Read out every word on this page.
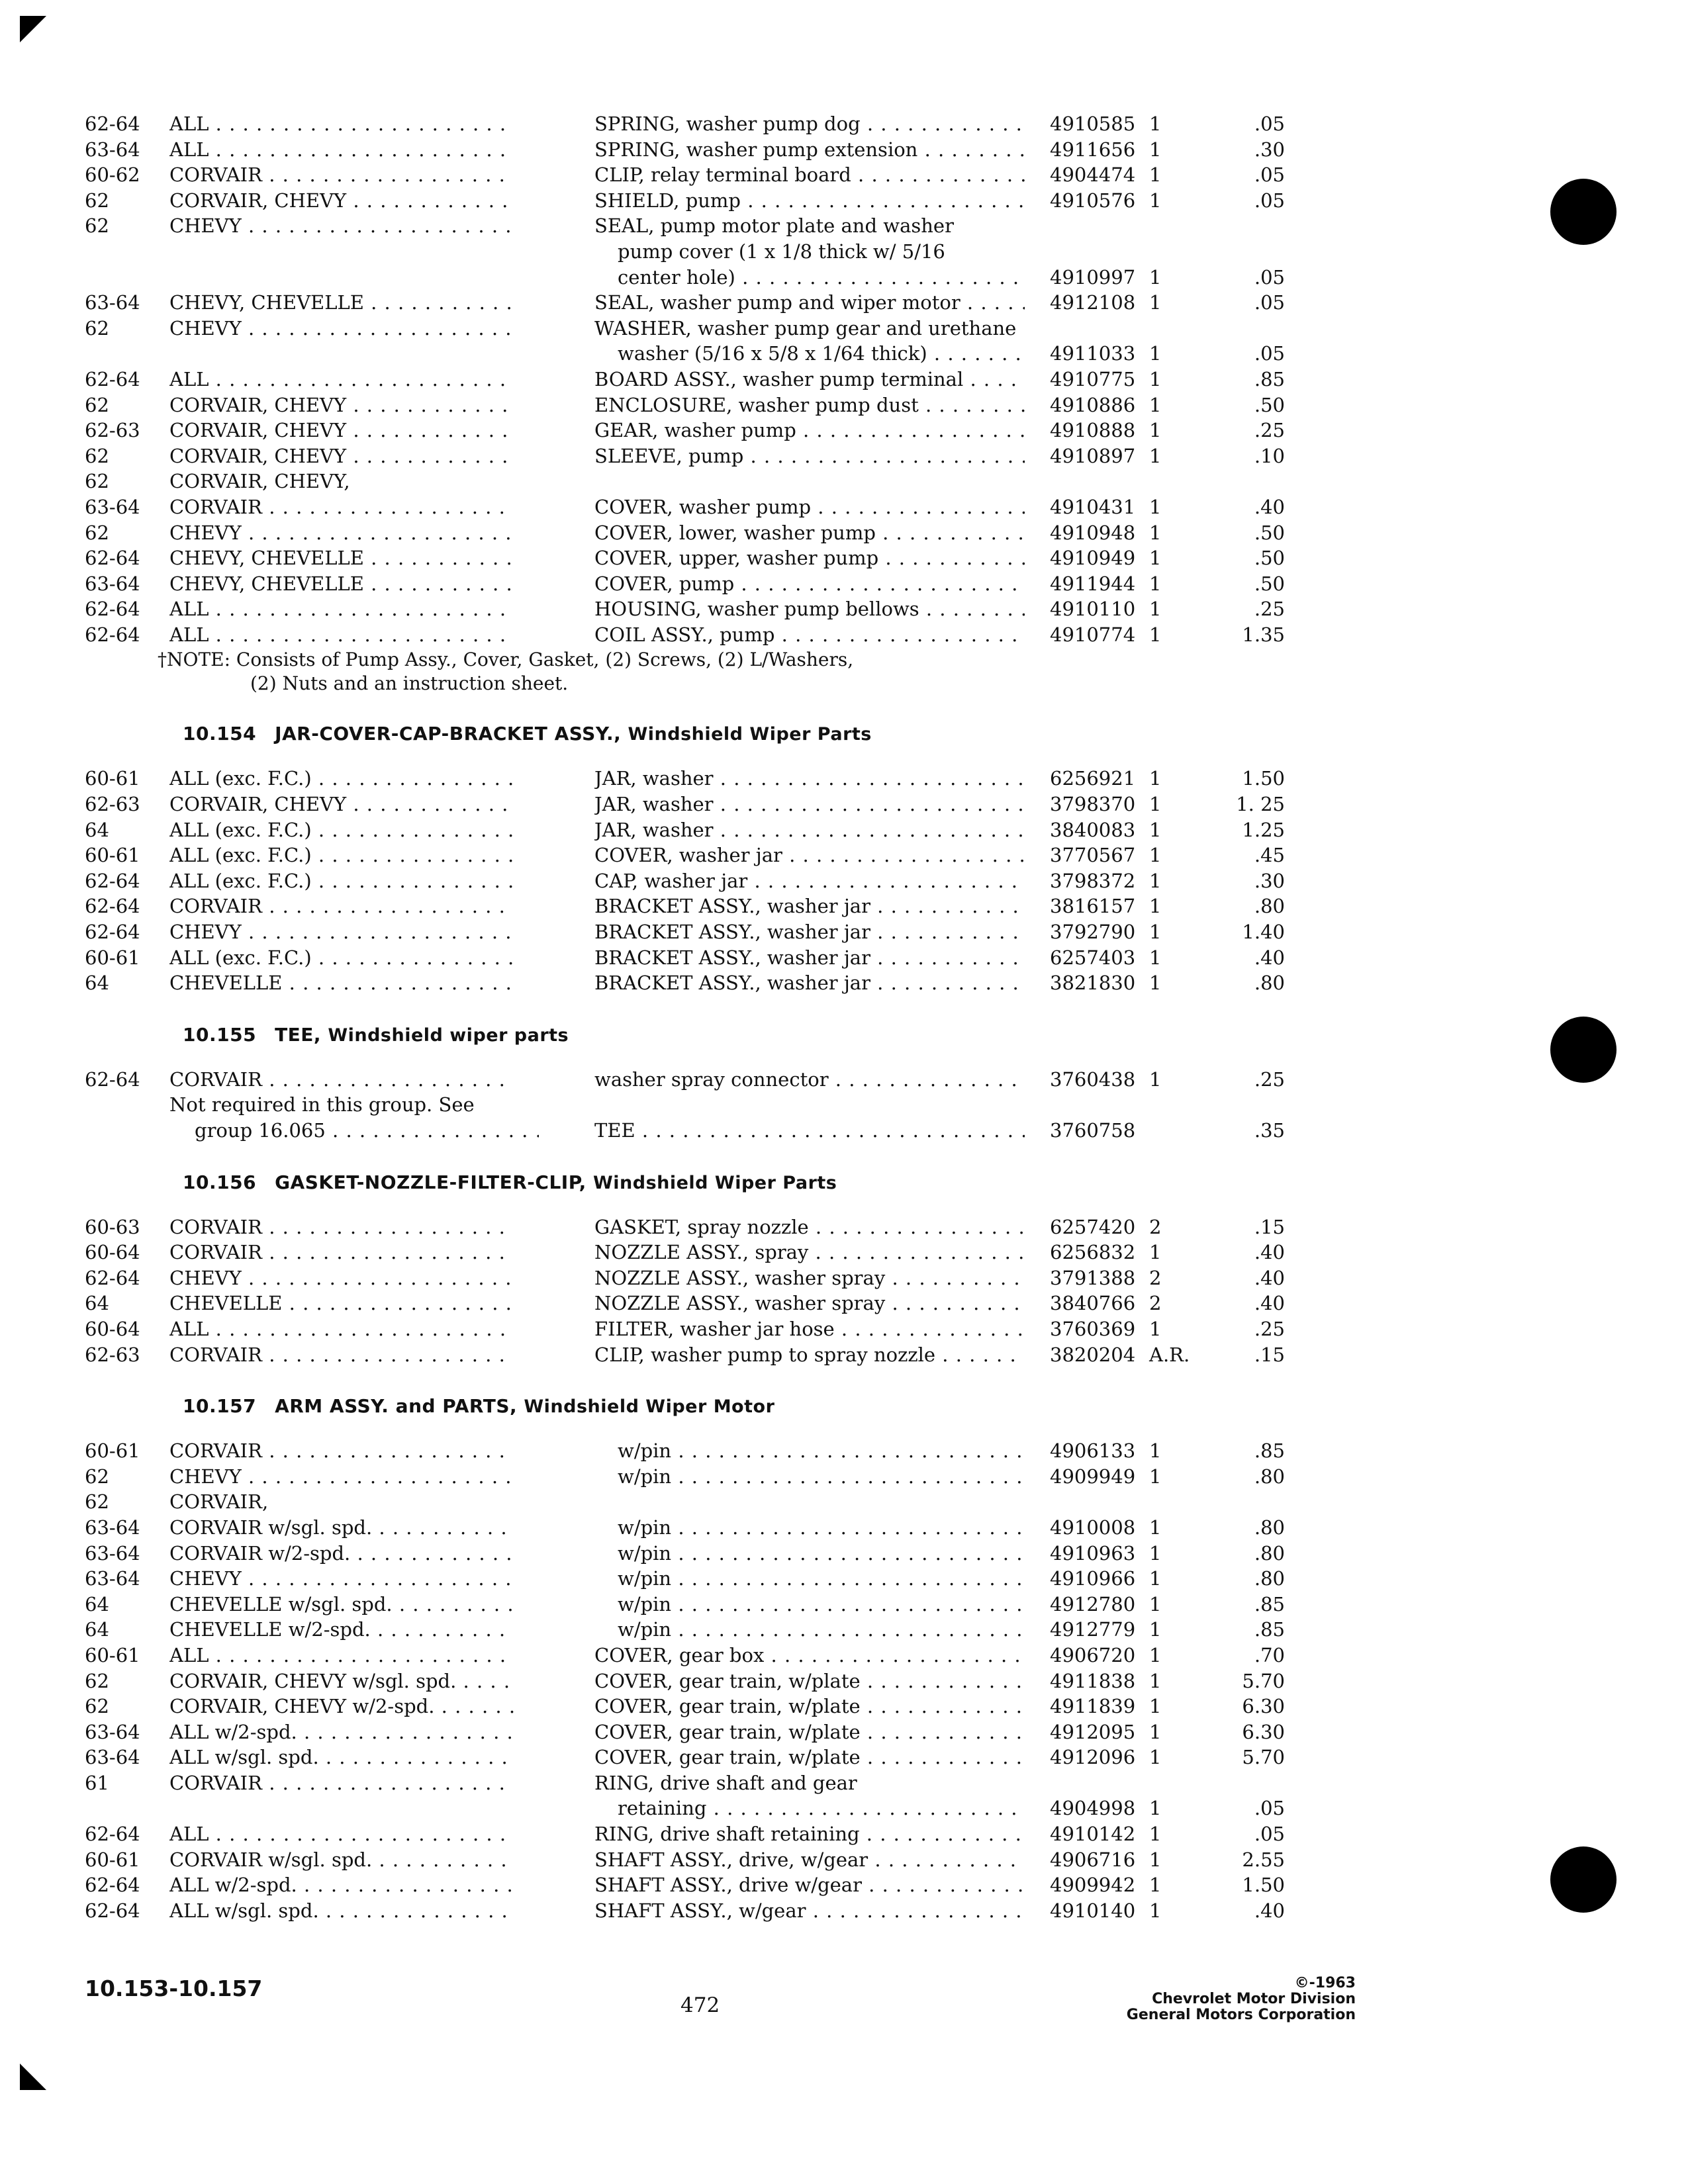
62-64 ALL . . .	SPRING, washer pump dog . . .	4910585 1	.05
63-64 ALL . . .	SPRING, washer pump extension . . .	4911656 1	.30
60-62 CORVAIR . . .	CLIP, relay terminal board . . .	4904474 1	.05
62	CORVAIR, CHEVY . . .	SHIELD, pump . . .	4910576 1	.05
62	CHEVY . . .	SEAL, pump motor plate and washer
pump cover (1 x 1/8 thick w/ 5/16
center hole) . . .	4910997 1	.05
63-64 CHEVY, CHEVELLE . . .	SEAL, washer pump and wiper motor . . .	4912108 1	.05
62	CHEVY . . .	WASHER, washer pump gear and urethane
washer (5/16 x 5/8 x 1/64 thick) . . .	4911033 1	.05
62-64 ALL . . .	BOARD ASSY., washer pump terminal . . .	4910775 1	.85
62	CORVAIR, CHEVY . . .	ENCLOSURE, washer pump dust . . .	4910886 1	.50
62-63 CORVAIR, CHEVY . . .	GEAR, washer pump . . .	4910888 1	.25
62	CORVAIR, CHEVY . . .	SLEEVE, pump . . .	4910897 1	.10
62	CORVAIR, CHEVY,
63-64 CORVAIR . . .	COVER, washer pump . . .	4910431 1	.40
62	CHEVY . . .	COVER, lower, washer pump . . .	4910948 1	.50
62-64 CHEVY, CHEVELLE . . .	COVER, upper, washer pump . . .	4910949 1	.50
63-64 CHEVY, CHEVELLE . . .	COVER, pump . . .	4911944 1	.50
62-64 ALL . . .	HOUSING, washer pump bellows . . .	4910110 1	.25
62-64 ALL . . .	COIL ASSY., pump . . .	4910774 1	1.35
†NOTE: Consists of Pump Assy., Cover, Gasket, (2) Screws, (2) L/Washers,
(2) Nuts and an instruction sheet.
10.154 JAR-COVER-CAP-BRACKET ASSY., Windshield Wiper Parts
60-61 ALL (exc. F.C.) . . .	JAR, washer . . .	6256921 1	1.50
62-63 CORVAIR, CHEVY . . .	JAR, washer . . .	3798370 1	1. 25
64	ALL (exc. F.C.) . . .	JAR, washer . . .	3840083 1	1.25
60-61 ALL (exc. F.C.) . . .	COVER, washer jar . . .	3770567 1	.45
62-64 ALL (exc. F.C.) . . .	CAP, washer jar . . .	3798372 1	.30
62-64 CORVAIR . . .	BRACKET ASSY., washer jar . . .	3816157 1	.80
62-64 CHEVY . . .	BRACKET ASSY., washer jar . . .	3792790 1	1.40
60-61 ALL (exc. F.C.) . . .	BRACKET ASSY., washer jar . . .	6257403 1	.40
64	CHEVELLE . . .	BRACKET ASSY., washer jar . . .	3821830 1	.80
10.155 TEE, Windshield wiper parts
62-64 CORVAIR . . .	washer spray connector . . .	3760438 1	.25
Not required in this group. See
group 16.065 . . .	TEE . . .	3760758	.35
10.156 GASKET-NOZZLE-FILTER-CLIP, Windshield Wiper Parts
60-63 CORVAIR . . .	GASKET, spray nozzle . . .	6257420 2	.15
60-64 CORVAIR . . .	NOZZLE ASSY., spray . . .	6256832 1	.40
62-64 CHEVY . . .	NOZZLE ASSY., washer spray . . .	3791388 2	.40
64	CHEVELLE . . .	NOZZLE ASSY., washer spray . . .	3840766 2	.40
60-64 ALL . . .	FILTER, washer jar hose . . .	3760369 1	.25
62-63 CORVAIR . . .	CLIP, washer pump to spray nozzle . . .	3820204 A.R.	.15
10.157 ARM ASSY. and PARTS, Windshield Wiper Motor
60-61 CORVAIR . . .	w/pin . . .	4906133 1	.85
62	CHEVY . . .	w/pin . . .	4909949 1	.80
62	CORVAIR,
63-64 CORVAIR w/sgl. spd. . . .	w/pin . . .	4910008 1	.80
63-64 CORVAIR w/2-spd. . . .	w/pin . . .	4910963 1	.80
63-64 CHEVY . . .	w/pin . . .	4910966 1	.80
64	CHEVELLE w/sgl. spd. . . .	w/pin . . .	4912780 1	.85
64	CHEVELLE w/2-spd. . . .	w/pin . . .	4912779 1	.85
60-61 ALL . . .	COVER, gear box . . .	4906720 1	.70
62	CORVAIR, CHEVY w/sgl. spd. . . .	COVER, gear train, w/plate . . .	4911838 1	5.70
62	CORVAIR, CHEVY w/2-spd. . . .	COVER, gear train, w/plate . . .	4911839 1	6.30
63-64 ALL w/2-spd. . . .	COVER, gear train, w/plate . . .	4912095 1	6.30
63-64 ALL w/sgl. spd. . . .	COVER, gear train, w/plate . . .	4912096 1	5.70
61	CORVAIR . . .	RING, drive shaft and gear
retaining . . .	4904998 1	.05
62-64 ALL . . .	RING, drive shaft retaining . . .	4910142 1	.05
60-61 CORVAIR w/sgl. spd. . . .	SHAFT ASSY., drive, w/gear . . .	4906716 1	2.55
62-64 ALL w/2-spd. . . .	SHAFT ASSY., drive w/gear . . .	4909942 1	1.50
62-64 ALL w/sgl. spd. . . .	SHAFT ASSY., w/gear . . .	4910140 1	.40
10.153-10.157
472
©-1963
Chevrolet Motor Division
General Motors Corporation
